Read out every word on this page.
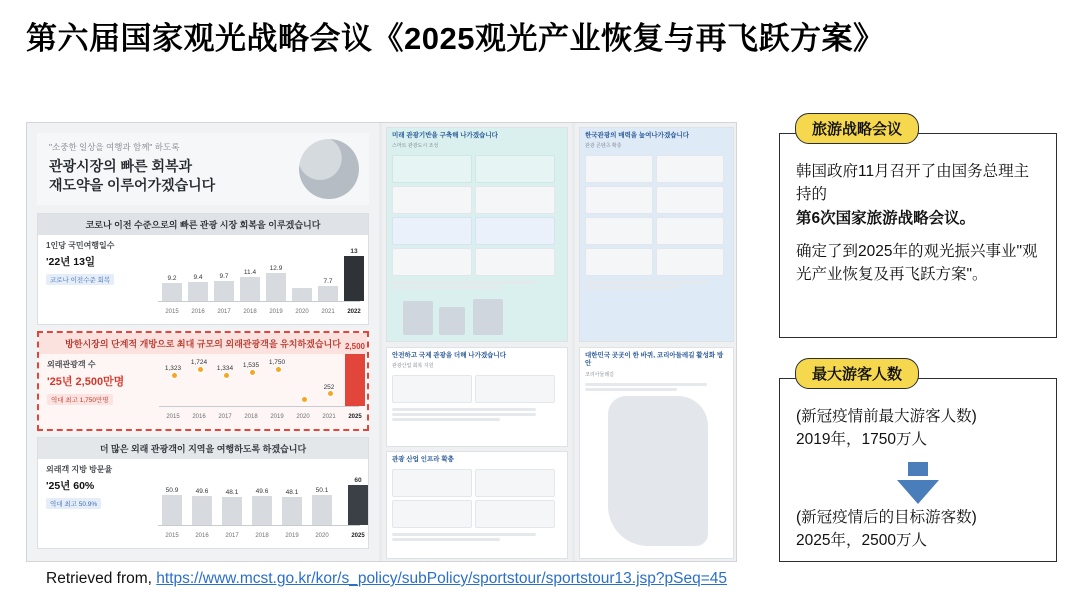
第六届国家观光战略会议《2025观光产业恢复与再飞跃方案》
"소중한 일상을 여행과 함께" 하도록
관광시장의 빠른 회복과
재도약을 이루어가겠습니다
코로나 이전 수준으로의 빠른 관광 시장 회복을 이루겠습니다
1인당 국민여행일수
'22년 13일
코로나 이전수준 회복	9.2	9.4	9.7
11.4
12.9
7.7
13
2015 2016 2017 2018 2019 2020 2021 2022
방한시장의 단계적 개방으로 최대 규모의 외래관광객을 유치하겠습니다
외래관광객 수
'25년 2,500만명
역대 최고 1,750만명
1,323
1,724
1,334 1,535 1,750
252
2,500
2015 2016 2017 2018 2019 2020 2021 2025
더 많은 외래 관광객이 지역을 여행하도록 하겠습니다
외래객 지방 방문율
'25년 60%
역대 최고 50.9%
50.9	49.6	48.1	49.6	48.1	50.1
60
2015	2016	2017	2018	2019	2020	2025
미래 관광기반을 구축해 나가겠습니다
스마트 관광도시 조성
안전하고 국제 관광을 더해 나가겠습니다
관광산업 회복 지원
관광 산업 인프라 확충
한국관광의 매력을 높여나가겠습니다
관광 콘텐츠 확충
대한민국 곳곳이 한 바퀴, 코리아둘레길 활성화 방안
코리아둘레길

韩国政府11月召开了由国务总理主持的

第6次国家旅游战略会议。

确定了到2025年的观光振兴事业"观光产业恢复及再飞跃方案"。

旅游战略会议

(新冠疫情前最大游客人数)

2019年，1750万人

(新冠疫情后的目标游客数)

2025年，2500万人

最大游客人数
Retrieved from, https://www.mcst.go.kr/kor/s_policy/subPolicy/sportstour/sportstour13.jsp?pSeq=45
